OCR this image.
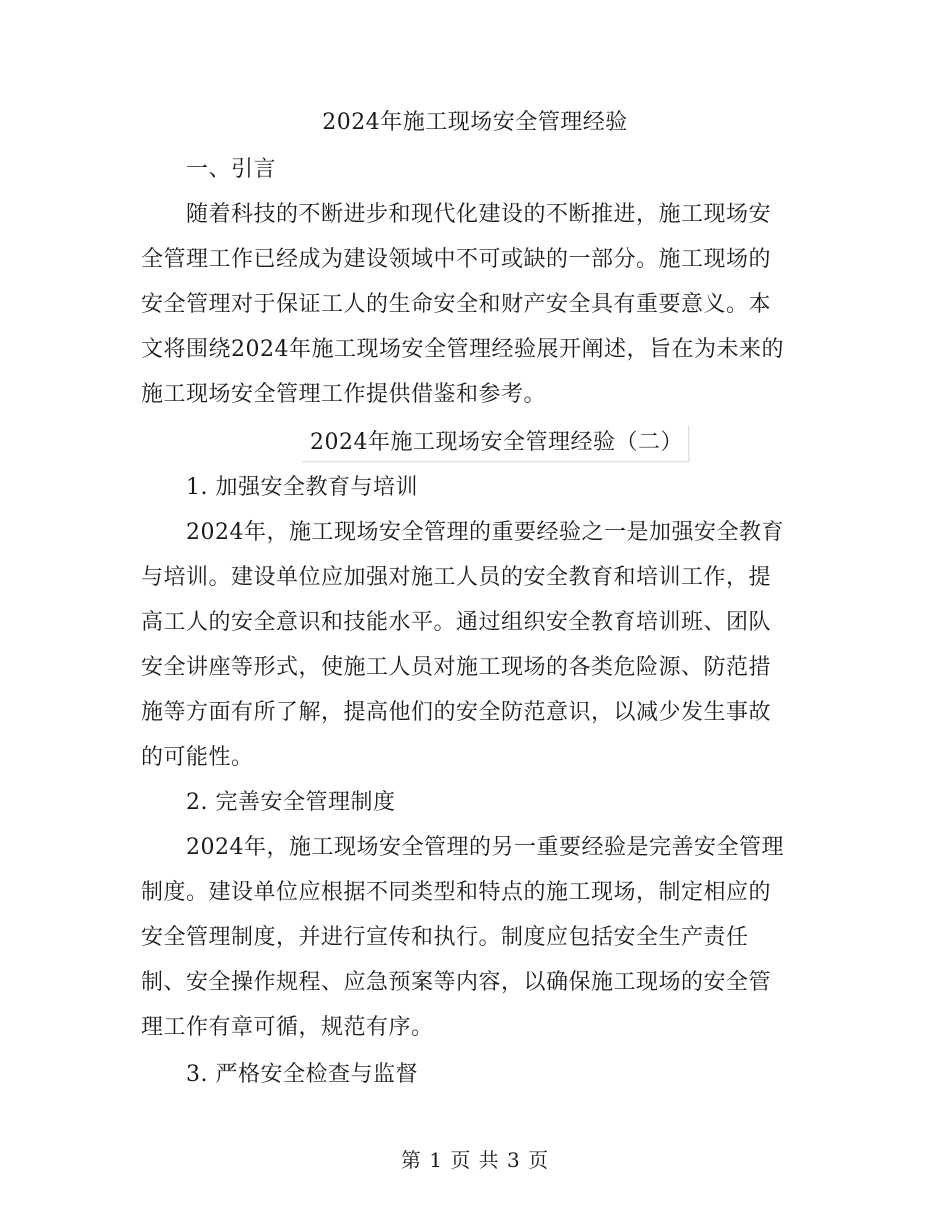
2024年施工现场安全管理经验
一、引言
随着科技的不断进步和现代化建设的不断推进，施工现场安
全管理工作已经成为建设领域中不可或缺的一部分。施工现场的
安全管理对于保证工人的生命安全和财产安全具有重要意义。本
文将围绕2024年施工现场安全管理经验展开阐述，旨在为未来的
施工现场安全管理工作提供借鉴和参考。
2024年施工现场安全管理经验（二）
1. 加强安全教育与培训
2024年，施工现场安全管理的重要经验之一是加强安全教育
与培训。建设单位应加强对施工人员的安全教育和培训工作，提
高工人的安全意识和技能水平。通过组织安全教育培训班、团队
安全讲座等形式，使施工人员对施工现场的各类危险源、防范措
施等方面有所了解，提高他们的安全防范意识，以减少发生事故
的可能性。
2. 完善安全管理制度
2024年，施工现场安全管理的另一重要经验是完善安全管理
制度。建设单位应根据不同类型和特点的施工现场，制定相应的
安全管理制度，并进行宣传和执行。制度应包括安全生产责任
制、安全操作规程、应急预案等内容，以确保施工现场的安全管
理工作有章可循，规范有序。
3. 严格安全检查与监督
第 1 页 共 3 页
